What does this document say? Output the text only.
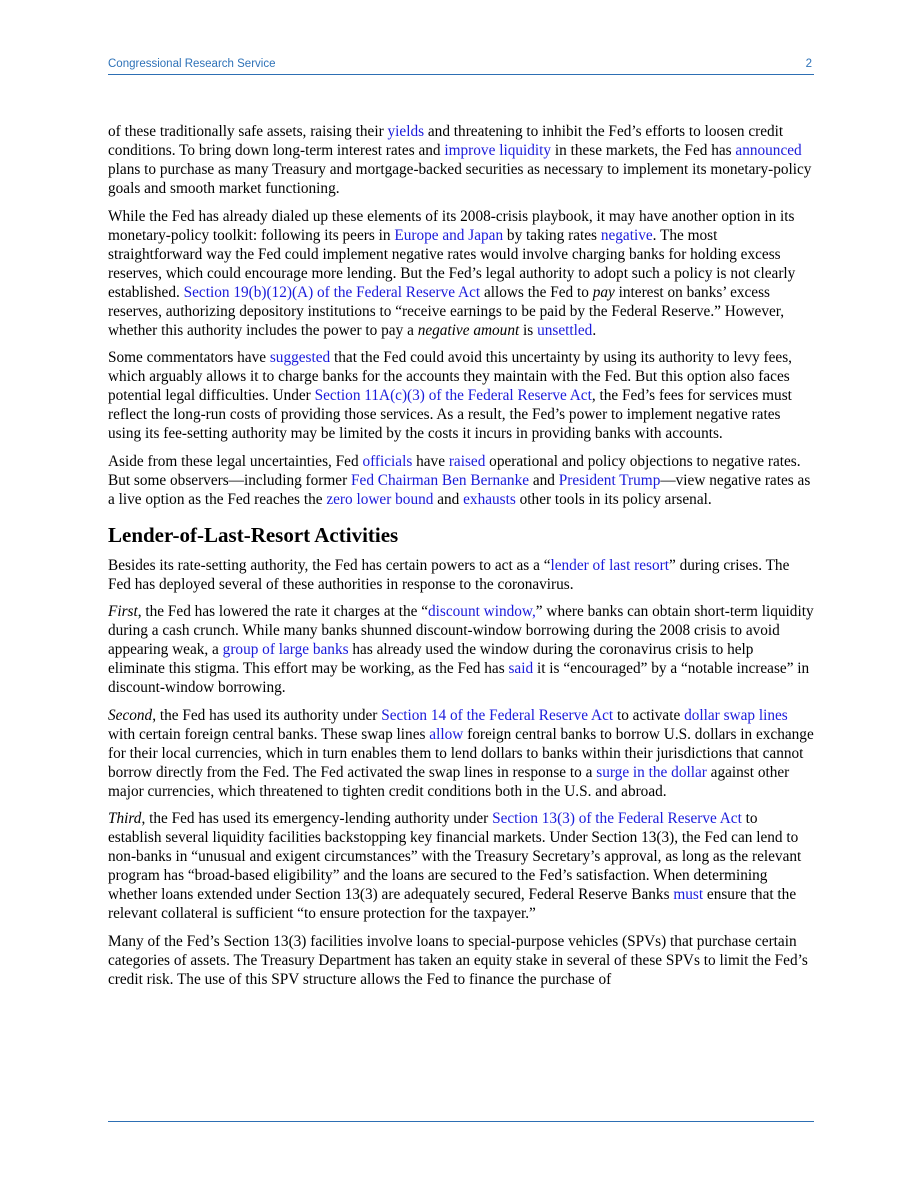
Congressional Research Service	2

of these traditionally safe assets, raising their yields and threatening to inhibit the Fed’s efforts to loosen credit conditions. To bring down long-term interest rates and improve liquidity in these markets, the Fed has announced plans to purchase as many Treasury and mortgage-backed securities as necessary to implement its monetary-policy goals and smooth market functioning.

While the Fed has already dialed up these elements of its 2008-crisis playbook, it may have another option in its monetary-policy toolkit: following its peers in Europe and Japan by taking rates negative. The most straightforward way the Fed could implement negative rates would involve charging banks for holding excess reserves, which could encourage more lending. But the Fed’s legal authority to adopt such a policy is not clearly established. Section 19(b)(12)(A) of the Federal Reserve Act allows the Fed to pay interest on banks’ excess reserves, authorizing depository institutions to “receive earnings to be paid by the Federal Reserve.” However, whether this authority includes the power to pay a negative amount is unsettled.

Some commentators have suggested that the Fed could avoid this uncertainty by using its authority to levy fees, which arguably allows it to charge banks for the accounts they maintain with the Fed. But this option also faces potential legal difficulties. Under Section 11A(c)(3) of the Federal Reserve Act, the Fed’s fees for services must reflect the long-run costs of providing those services. As a result, the Fed’s power to implement negative rates using its fee-setting authority may be limited by the costs it incurs in providing banks with accounts.

Aside from these legal uncertainties, Fed officials have raised operational and policy objections to negative rates. But some observers—including former Fed Chairman Ben Bernanke and President Trump—view negative rates as a live option as the Fed reaches the zero lower bound and exhausts other tools in its policy arsenal.

Lender-of-Last-Resort Activities

Besides its rate-setting authority, the Fed has certain powers to act as a “lender of last resort” during crises. The Fed has deployed several of these authorities in response to the coronavirus.

First, the Fed has lowered the rate it charges at the “discount window,” where banks can obtain short-term liquidity during a cash crunch. While many banks shunned discount-window borrowing during the 2008 crisis to avoid appearing weak, a group of large banks has already used the window during the coronavirus crisis to help eliminate this stigma. This effort may be working, as the Fed has said it is “encouraged” by a “notable increase” in discount-window borrowing.

Second, the Fed has used its authority under Section 14 of the Federal Reserve Act to activate dollar swap lines with certain foreign central banks. These swap lines allow foreign central banks to borrow U.S. dollars in exchange for their local currencies, which in turn enables them to lend dollars to banks within their jurisdictions that cannot borrow directly from the Fed. The Fed activated the swap lines in response to a surge in the dollar against other major currencies, which threatened to tighten credit conditions both in the U.S. and abroad.

Third, the Fed has used its emergency-lending authority under Section 13(3) of the Federal Reserve Act to establish several liquidity facilities backstopping key financial markets. Under Section 13(3), the Fed can lend to non-banks in “unusual and exigent circumstances” with the Treasury Secretary’s approval, as long as the relevant program has “broad-based eligibility” and the loans are secured to the Fed’s satisfaction. When determining whether loans extended under Section 13(3) are adequately secured, Federal Reserve Banks must ensure that the relevant collateral is sufficient “to ensure protection for the taxpayer.”

Many of the Fed’s Section 13(3) facilities involve loans to special-purpose vehicles (SPVs) that purchase certain categories of assets. The Treasury Department has taken an equity stake in several of these SPVs to limit the Fed’s credit risk. The use of this SPV structure allows the Fed to finance the purchase of
